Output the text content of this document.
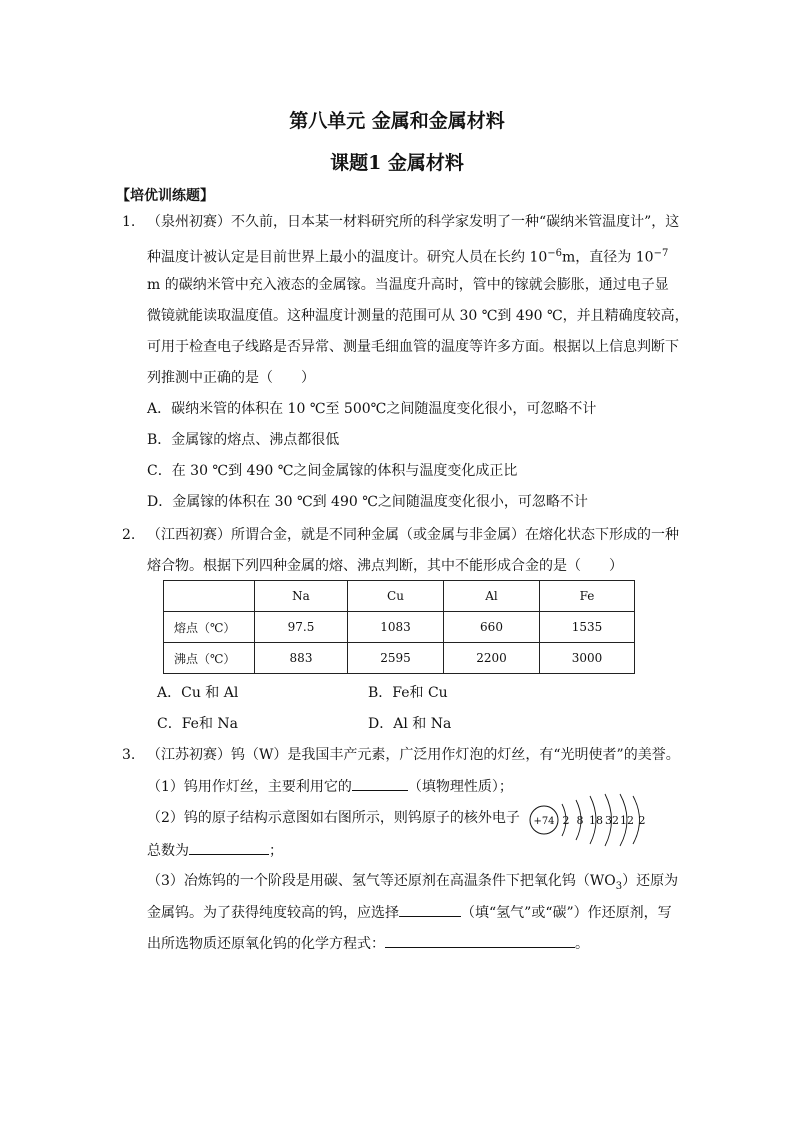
第八单元 金属和金属材料
课题1 金属材料
【培优训练题】
1. （泉州初赛）不久前，日本某一材料研究所的科学家发明了一种“碳纳米管温度计”，这
种温度计被认定是目前世界上最小的温度计。研究人员在长约 $10^{-6}m$，直径为 $10^{-7}$
m 的碳纳米管中充入液态的金属镓。当温度升高时，管中的镓就会膨胀，通过电子显
微镜就能读取温度值。这种温度计测量的范围可从 30 ℃到 490 ℃，并且精确度较高，
可用于检查电子线路是否异常、测量毛细血管的温度等许多方面。根据以上信息判断下
列推测中正确的是（　　）
A．碳纳米管的体积在 10 ℃至 500℃之间随温度变化很小，可忽略不计
B．金属镓的熔点、沸点都很低
C．在 30 ℃到 490 ℃之间金属镓的体积与温度变化成正比
D．金属镓的体积在 30 ℃到 490 ℃之间随温度变化很小，可忽略不计
2. （江西初赛）所谓合金，就是不同种金属（或金属与非金属）在熔化状态下形成的一种
熔合物。根据下列四种金属的熔、沸点判断，其中不能形成合金的是（　　）
	Na	Cu	Al	Fe
熔点（℃）	97.5	1083	660	1535
沸点（℃）	883	2595	2200	3000
A．Cu 和 Al	B．Fe和 Cu
C．Fe和 Na	D．Al 和 Na
3. （江苏初赛）钨（W）是我国丰产元素，广泛用作灯泡的灯丝，有“光明使者”的美誉。
（1）钨用作灯丝，主要利用它的	（填物理性质）；
（2）钨的原子结构示意图如右图所示，则钨原子的核外电子
总数为	；
+74 2 8 18 32 12 2
（3）冶炼钨的一个阶段是用碳、氢气等还原剂在高温条件下把氧化钨$(WO_3)$还原为
金属钨。为了获得纯度较高的钨，应选择	（填“氢气”或“碳”）作还原剂，写
出所选物质还原氧化钨的化学方程式：	。
